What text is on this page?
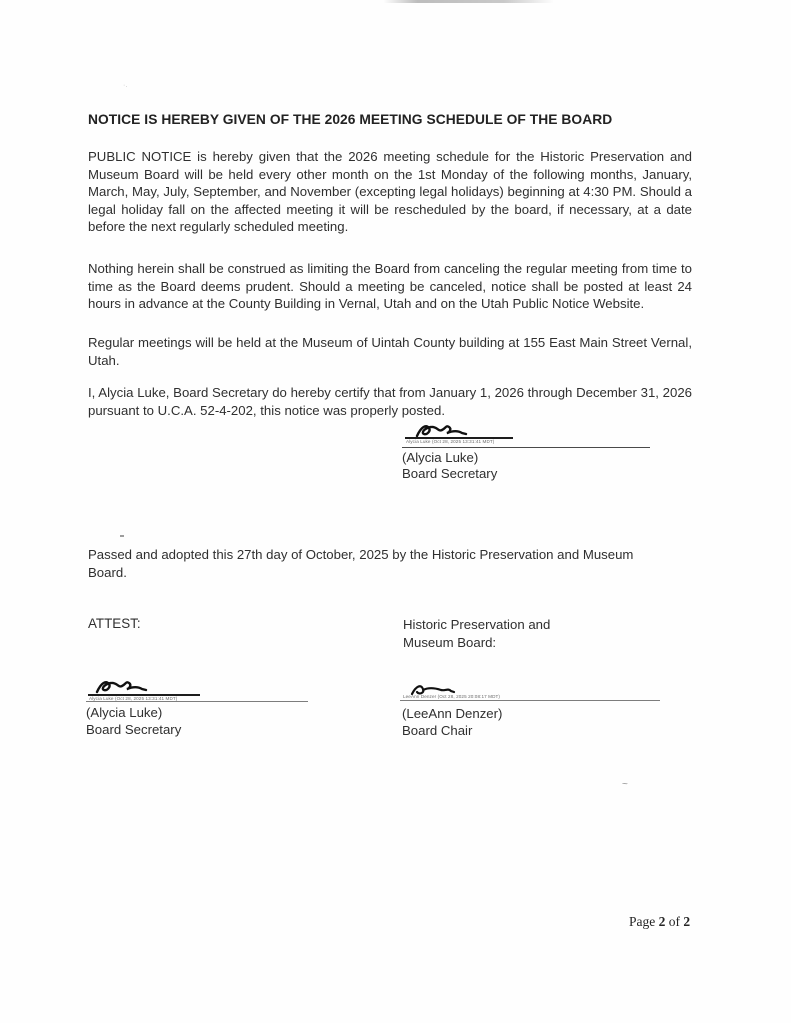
·.
~
NOTICE IS HEREBY GIVEN OF THE 2026 MEETING SCHEDULE OF THE BOARD
PUBLIC NOTICE is hereby given that the 2026 meeting schedule for the Historic Preservation and Museum Board will be held every other month on the 1st Monday of the following months, January, March, May, July, September, and November (excepting legal holidays) beginning at 4:30 PM. Should a legal holiday fall on the affected meeting it will be rescheduled by the board, if necessary, at a date before the next regularly scheduled meeting.
Nothing herein shall be construed as limiting the Board from canceling the regular meeting from time to time as the Board deems prudent. Should a meeting be canceled, notice shall be posted at least 24 hours in advance at the County Building in Vernal, Utah and on the Utah Public Notice Website.
Regular meetings will be held at the Museum of Uintah County building at 155 East Main Street Vernal, Utah.
I, Alycia Luke, Board Secretary do hereby certify that from January 1, 2026 through December 31, 2026 pursuant to U.C.A. 52-4-202, this notice was properly posted.
Alycia Luke (Oct 28, 2025 13:31:41 MDT)
(Alycia Luke)
Board Secretary
Passed and adopted this 27th day of October, 2025 by the Historic Preservation and Museum Board.
ATTEST:	Historic Preservation and
Museum Board:
Alycia Luke (Oct 28, 2025 13:31:41 MDT)
(Alycia Luke)
Board Secretary
LeeAnn Denzer (Oct 28, 2025 20:08:17 MDT)
(LeeAnn Denzer)
Board Chair
Page 2 of 2
